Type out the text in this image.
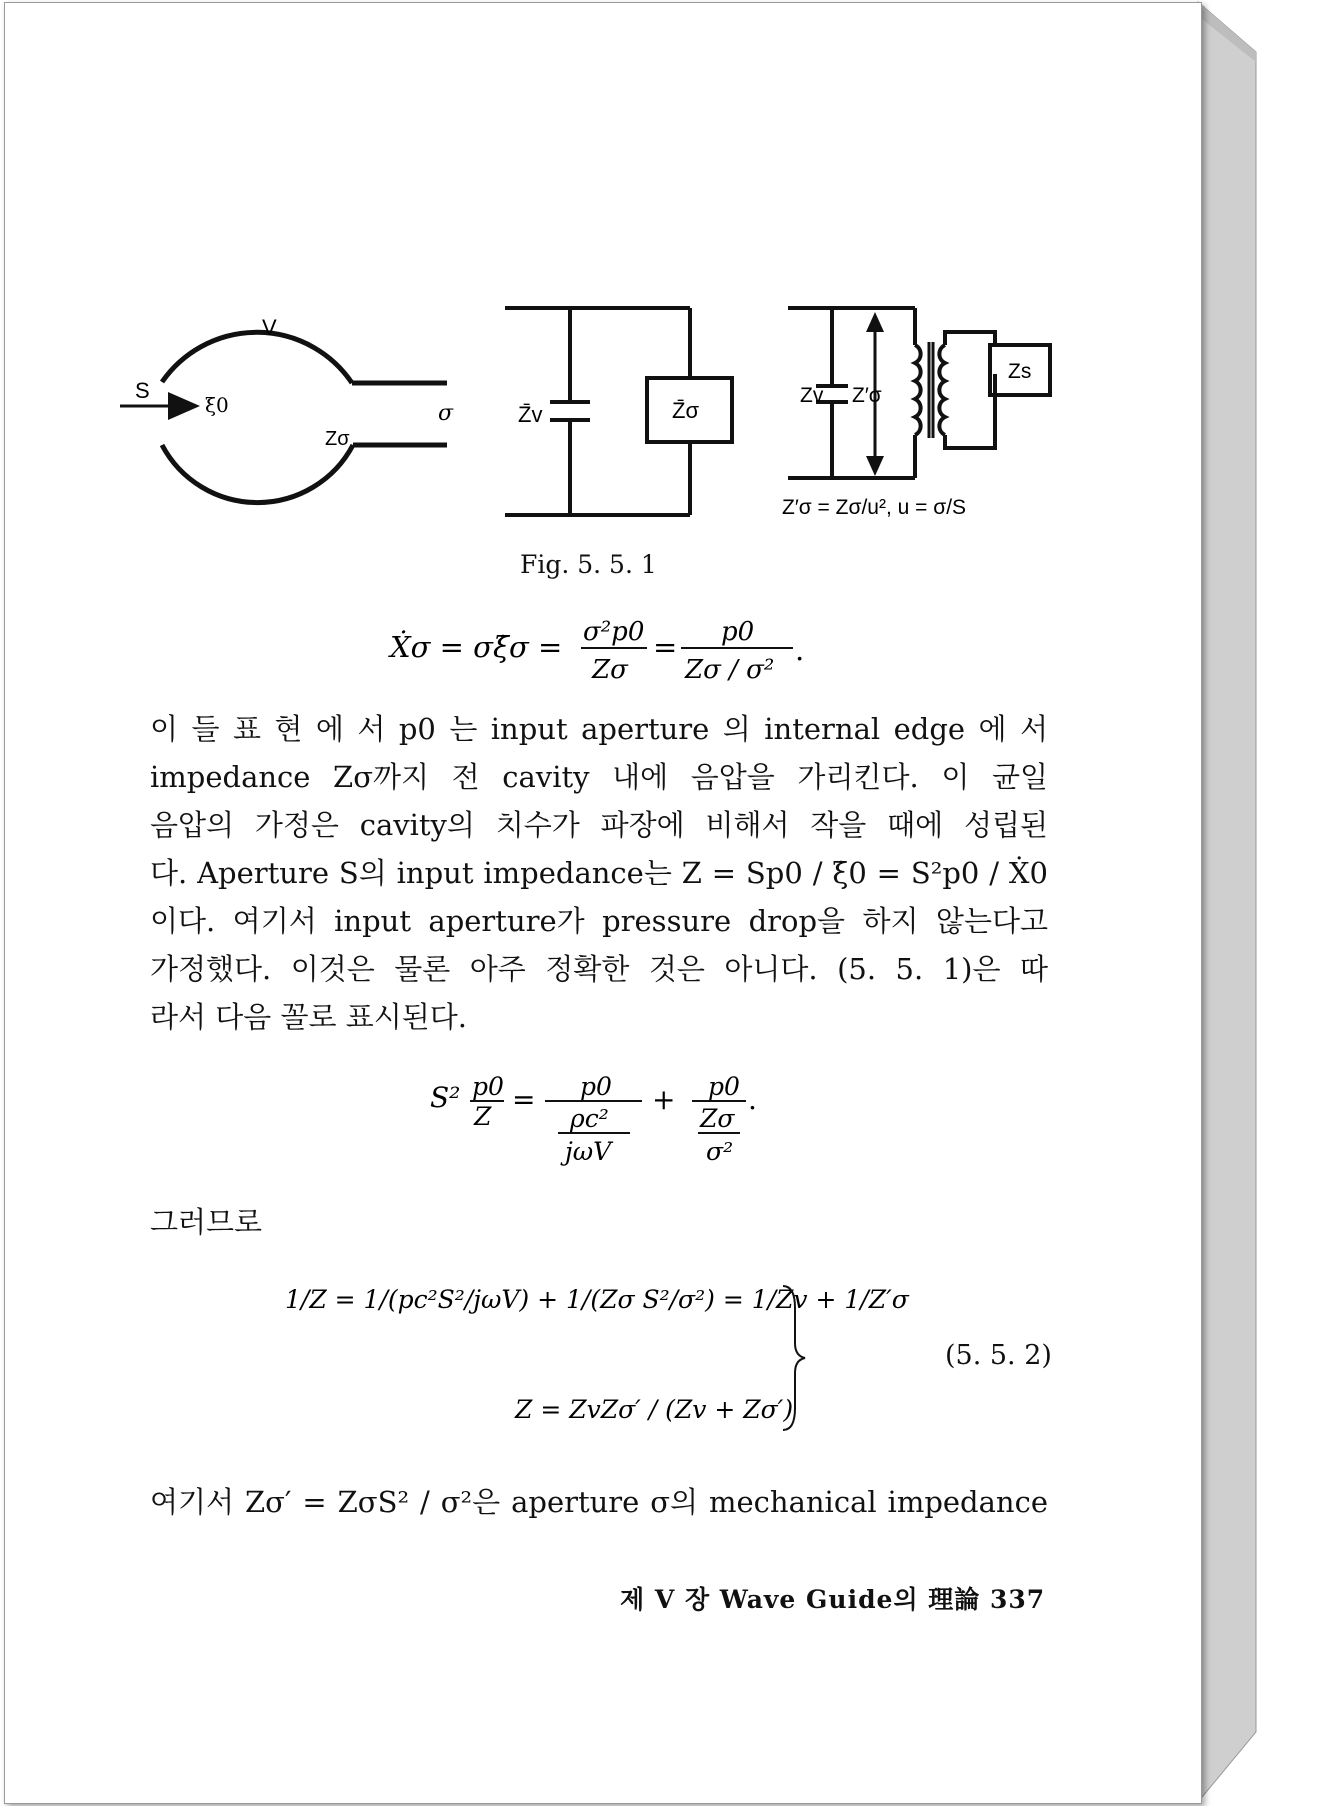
S
V
ξ0
Zσ
σ	Z̄v	Z̄σ
Zv Z′σ
Zs
Z′σ = Zσ/u², u = σ/S
Fig. 5. 5. 1
Ẋσ = σξ̇σ = σ²p0
Zσ
= p0
Zσ / σ²
.
이 들 표 현 에 서 p0 는 input aperture 의 internal edge 에 서
impedance Zσ까지 전 cavity 내에 음압을 가리킨다. 이 균일
음압의 가정은 cavity의 치수가 파장에 비해서 작을 때에 성립된
다. Aperture S의 input impedance는 Z = Sp0 / ξ̇0 = S²p0 / Ẋ0
이다. 여기서 input aperture가 pressure drop을 하지 않는다고
가정했다. 이것은 물론 아주 정확한 것은 아니다. (5. 5. 1)은 따
라서 다음 꼴로 표시된다.
S² p0
Z
= p0
ρc²
jωV
+ p0
Zσ
σ²
.
그러므로
1/Z = 1/(pc²S²/jωV) + 1/(Zσ S²/σ²) = 1/Zv + 1/Z′σ
Z = ZvZσ′ / (Zv + Zσ′)
(5. 5. 2)
여기서 Zσ′ = ZσS² / σ²은 aperture σ의 mechanical impedance
제 Ⅴ 장 Wave Guide의 理論 337
